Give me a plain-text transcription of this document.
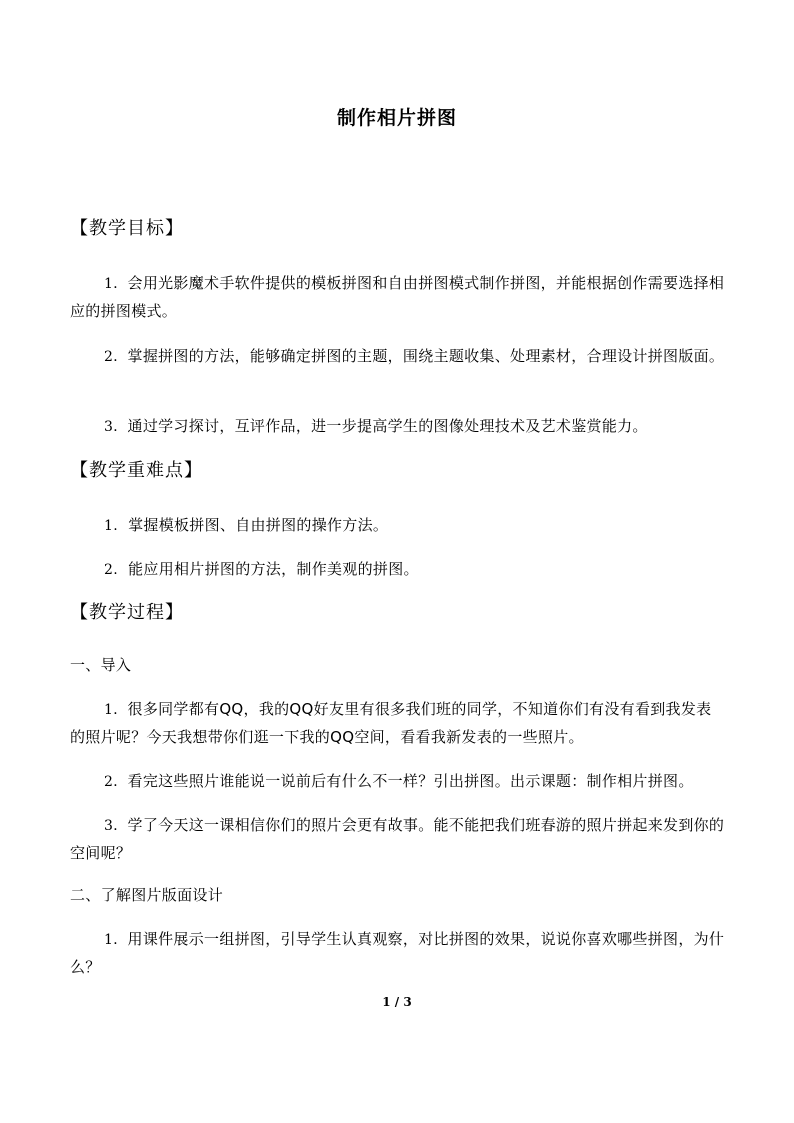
制作相片拼图
【教学目标】
1．会用光影魔术手软件提供的模板拼图和自由拼图模式制作拼图，并能根据创作需要选择相应的拼图模式。
2．掌握拼图的方法，能够确定拼图的主题，围绕主题收集、处理素材，合理设计拼图版面。
3．通过学习探讨，互评作品，进一步提高学生的图像处理技术及艺术鉴赏能力。
【教学重难点】
1. 掌握模板拼图、自由拼图的操作方法。
2. 能应用相片拼图的方法，制作美观的拼图。
【教学过程】
一、导入
1．很多同学都有QQ，我的QQ好友里有很多我们班的同学，不知道你们有没有看到我发表的照片呢？今天我想带你们逛一下我的QQ空间，看看我新发表的一些照片。
2．看完这些照片谁能说一说前后有什么不一样？引出拼图。出示课题：制作相片拼图。
3．学了今天这一课相信你们的照片会更有故事。能不能把我们班春游的照片拼起来发到你的空间呢？
二、了解图片版面设计
1．用课件展示一组拼图，引导学生认真观察，对比拼图的效果，说说你喜欢哪些拼图，为什么？
1 / 3
